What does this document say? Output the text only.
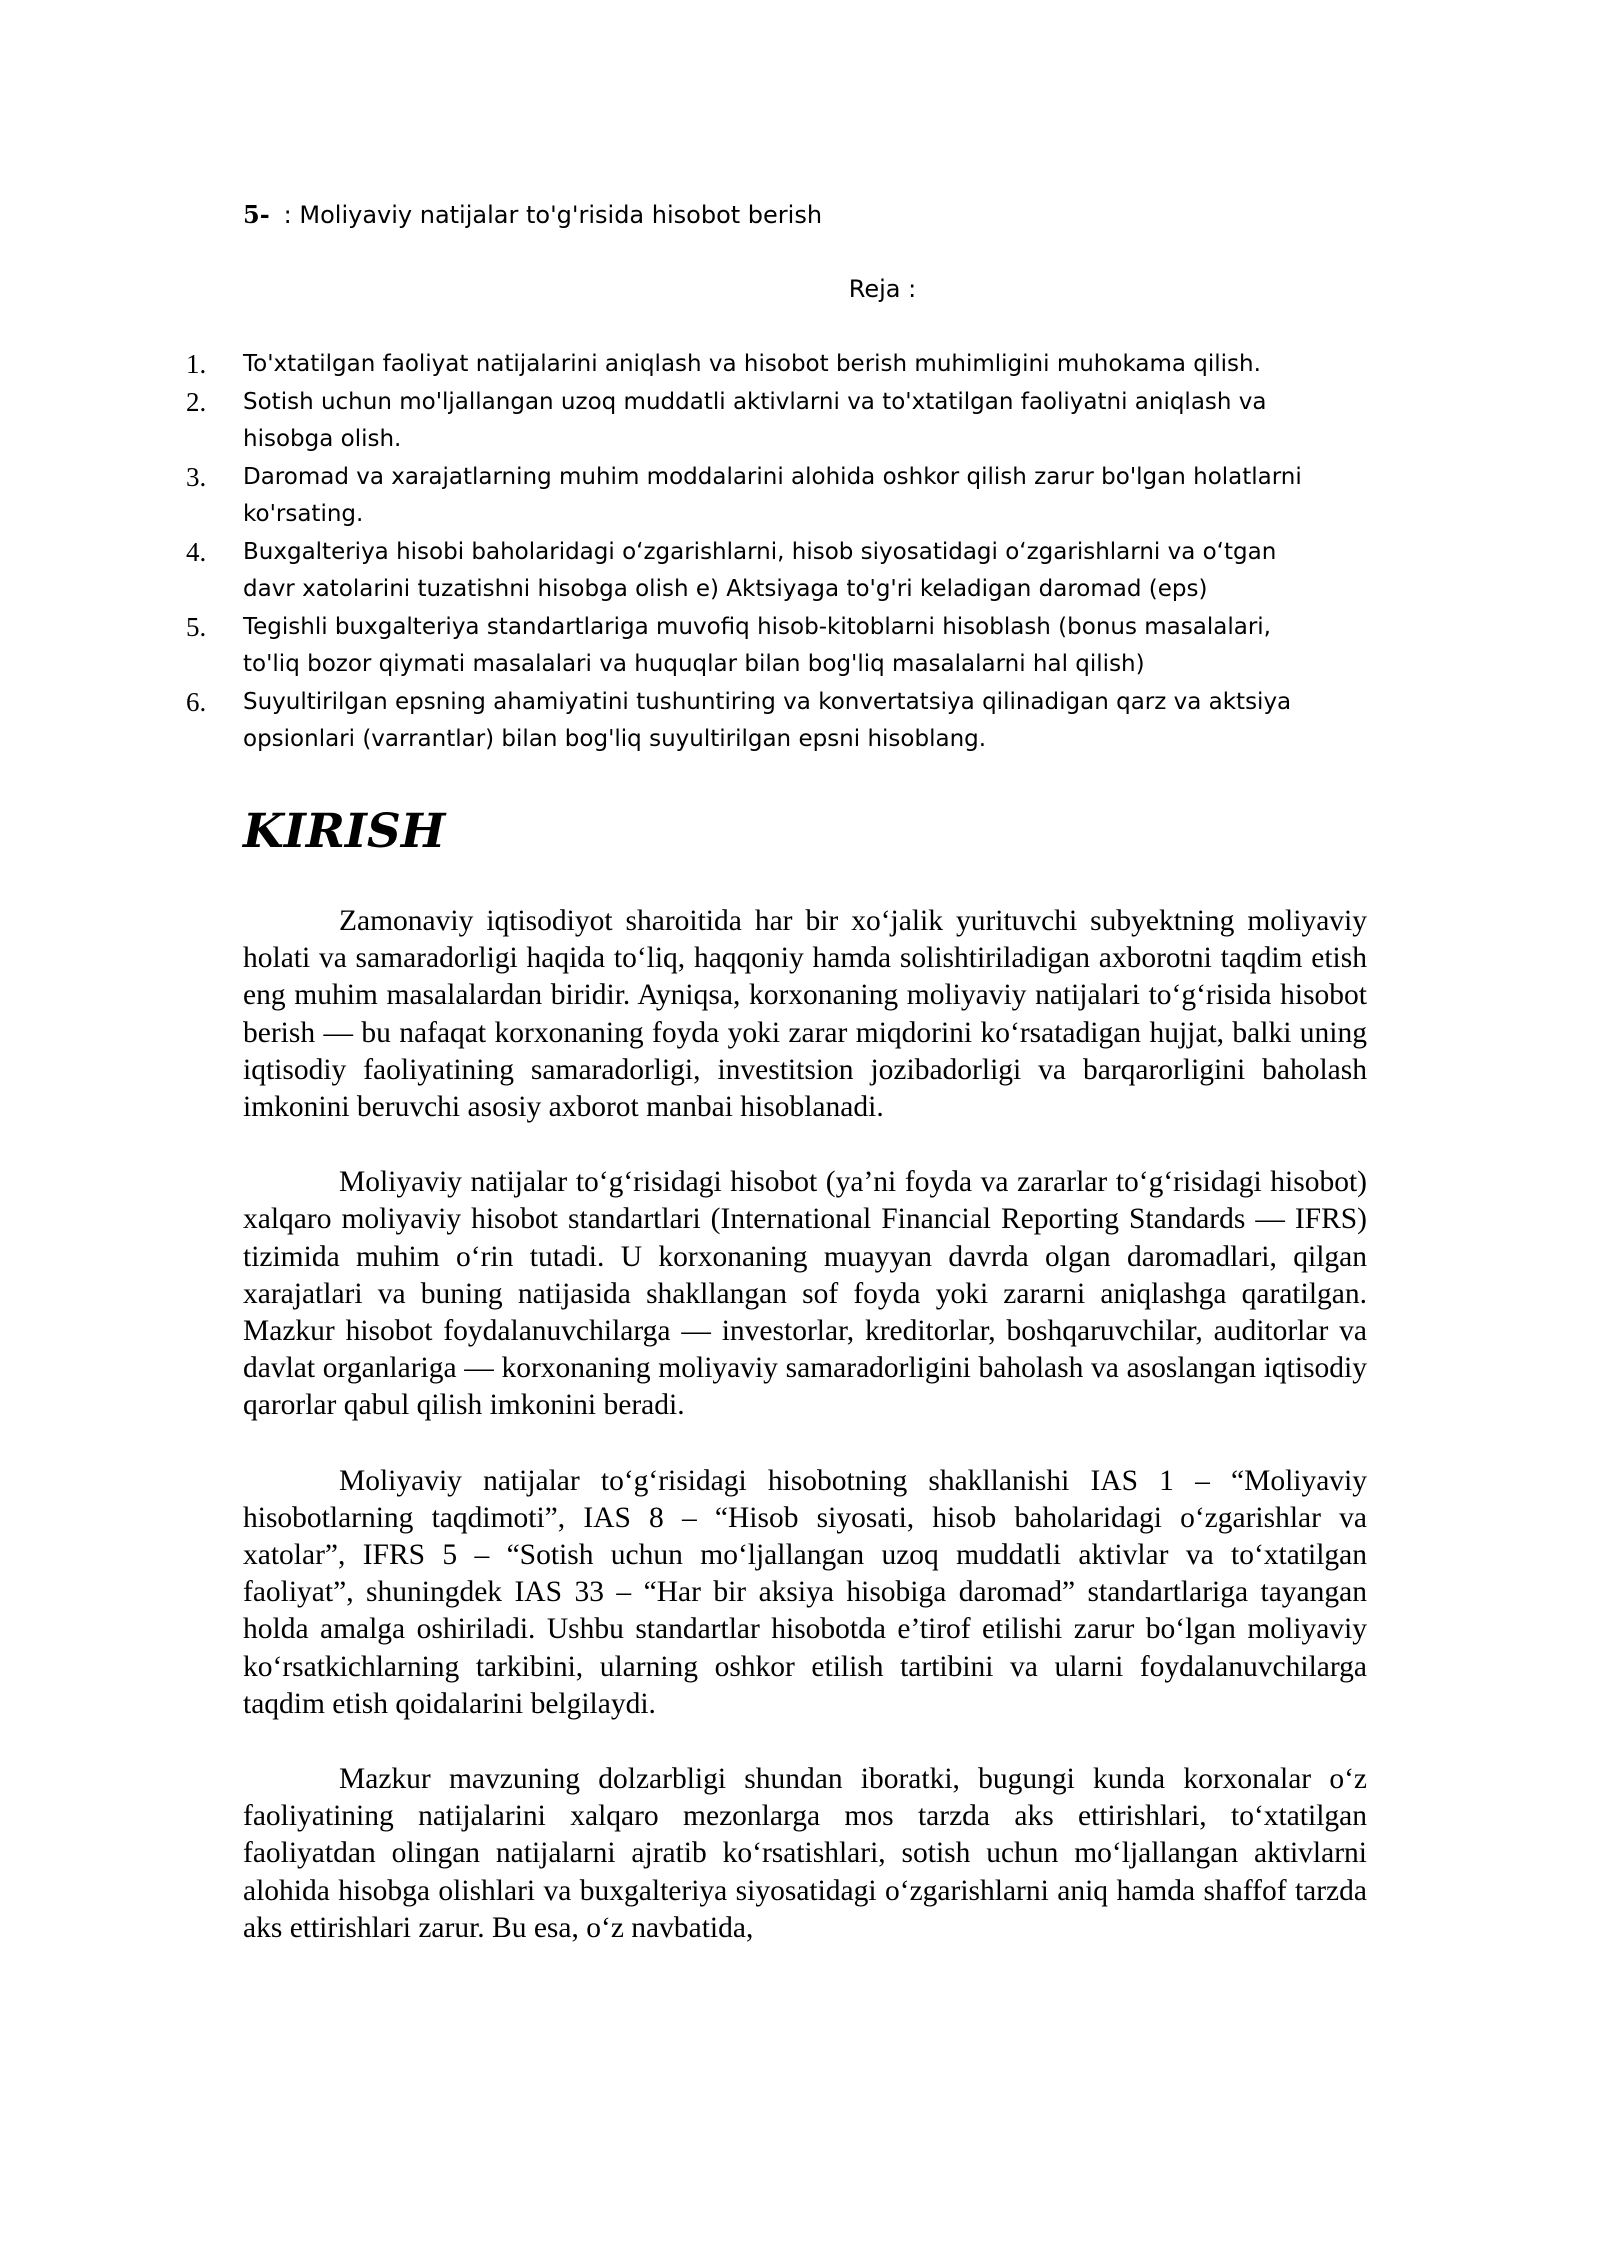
5- : Moliyaviy natijalar to'g'risida hisobot berish
Reja :
1. To'xtatilgan faoliyat natijalarini aniqlash va hisobot berish muhimligini muhokama qilish.
2. Sotish uchun mo'ljallangan uzoq muddatli aktivlarni va to'xtatilgan faoliyatni aniqlash va
hisobga olish.
3. Daromad va xarajatlarning muhim moddalarini alohida oshkor qilish zarur bo'lgan holatlarni
ko'rsating.
4. Buxgalteriya hisobi baholaridagi oʻzgarishlarni, hisob siyosatidagi oʻzgarishlarni va oʻtgan
davr xatolarini tuzatishni hisobga olish e) Aktsiyaga to'g'ri keladigan daromad (eps)
5. Tegishli buxgalteriya standartlariga muvofiq hisob-kitoblarni hisoblash (bonus masalalari,
to'liq bozor qiymati masalalari va huquqlar bilan bog'liq masalalarni hal qilish)
6. Suyultirilgan epsning ahamiyatini tushuntiring va konvertatsiya qilinadigan qarz va aktsiya
opsionlari (varrantlar) bilan bog'liq suyultirilgan epsni hisoblang.
KIRISH

Zamonaviy iqtisodiyot sharoitida har bir xoʻjalik yurituvchi subyektning moliyaviy holati va samaradorligi haqida toʻliq, haqqoniy hamda solishtiriladigan axborotni taqdim etish eng muhim masalalardan biridir. Ayniqsa, korxonaning moliyaviy natijalari toʻgʻrisida hisobot berish — bu nafaqat korxonaning foyda yoki zarar miqdorini koʻrsatadigan hujjat, balki uning iqtisodiy faoliyatining samaradorligi, investitsion jozibadorligi va barqarorligini baholash imkonini beruvchi asosiy axborot manbai hisoblanadi.

Moliyaviy natijalar toʻgʻrisidagi hisobot (ya’ni foyda va zararlar toʻgʻrisidagi hisobot) xalqaro moliyaviy hisobot standartlari (International Financial Reporting Standards — IFRS) tizimida muhim oʻrin tutadi. U korxonaning muayyan davrda olgan daromadlari, qilgan xarajatlari va buning natijasida shakllangan sof foyda yoki zararni aniqlashga qaratilgan. Mazkur hisobot foydalanuvchilarga — investorlar, kreditorlar, boshqaruvchilar, auditorlar va davlat organlariga — korxonaning moliyaviy samaradorligini baholash va asoslangan iqtisodiy qarorlar qabul qilish imkonini beradi.

Moliyaviy natijalar toʻgʻrisidagi hisobotning shakllanishi IAS 1 – “Moliyaviy hisobotlarning taqdimoti”, IAS 8 – “Hisob siyosati, hisob baholaridagi oʻzgarishlar va xatolar”, IFRS 5 – “Sotish uchun moʻljallangan uzoq muddatli aktivlar va toʻxtatilgan faoliyat”, shuningdek IAS 33 – “Har bir aksiya hisobiga daromad” standartlariga tayangan holda amalga oshiriladi. Ushbu standartlar hisobotda e’tirof etilishi zarur boʻlgan moliyaviy koʻrsatkichlarning tarkibini, ularning oshkor etilish tartibini va ularni foydalanuvchilarga taqdim etish qoidalarini belgilaydi.

Mazkur mavzuning dolzarbligi shundan iboratki, bugungi kunda korxonalar oʻz faoliyatining natijalarini xalqaro mezonlarga mos tarzda aks ettirishlari, toʻxtatilgan faoliyatdan olingan natijalarni ajratib koʻrsatishlari, sotish uchun moʻljallangan aktivlarni alohida hisobga olishlari va buxgalteriya siyosatidagi oʻzgarishlarni aniq hamda shaffof tarzda aks ettirishlari zarur. Bu esa, oʻz navbatida,
